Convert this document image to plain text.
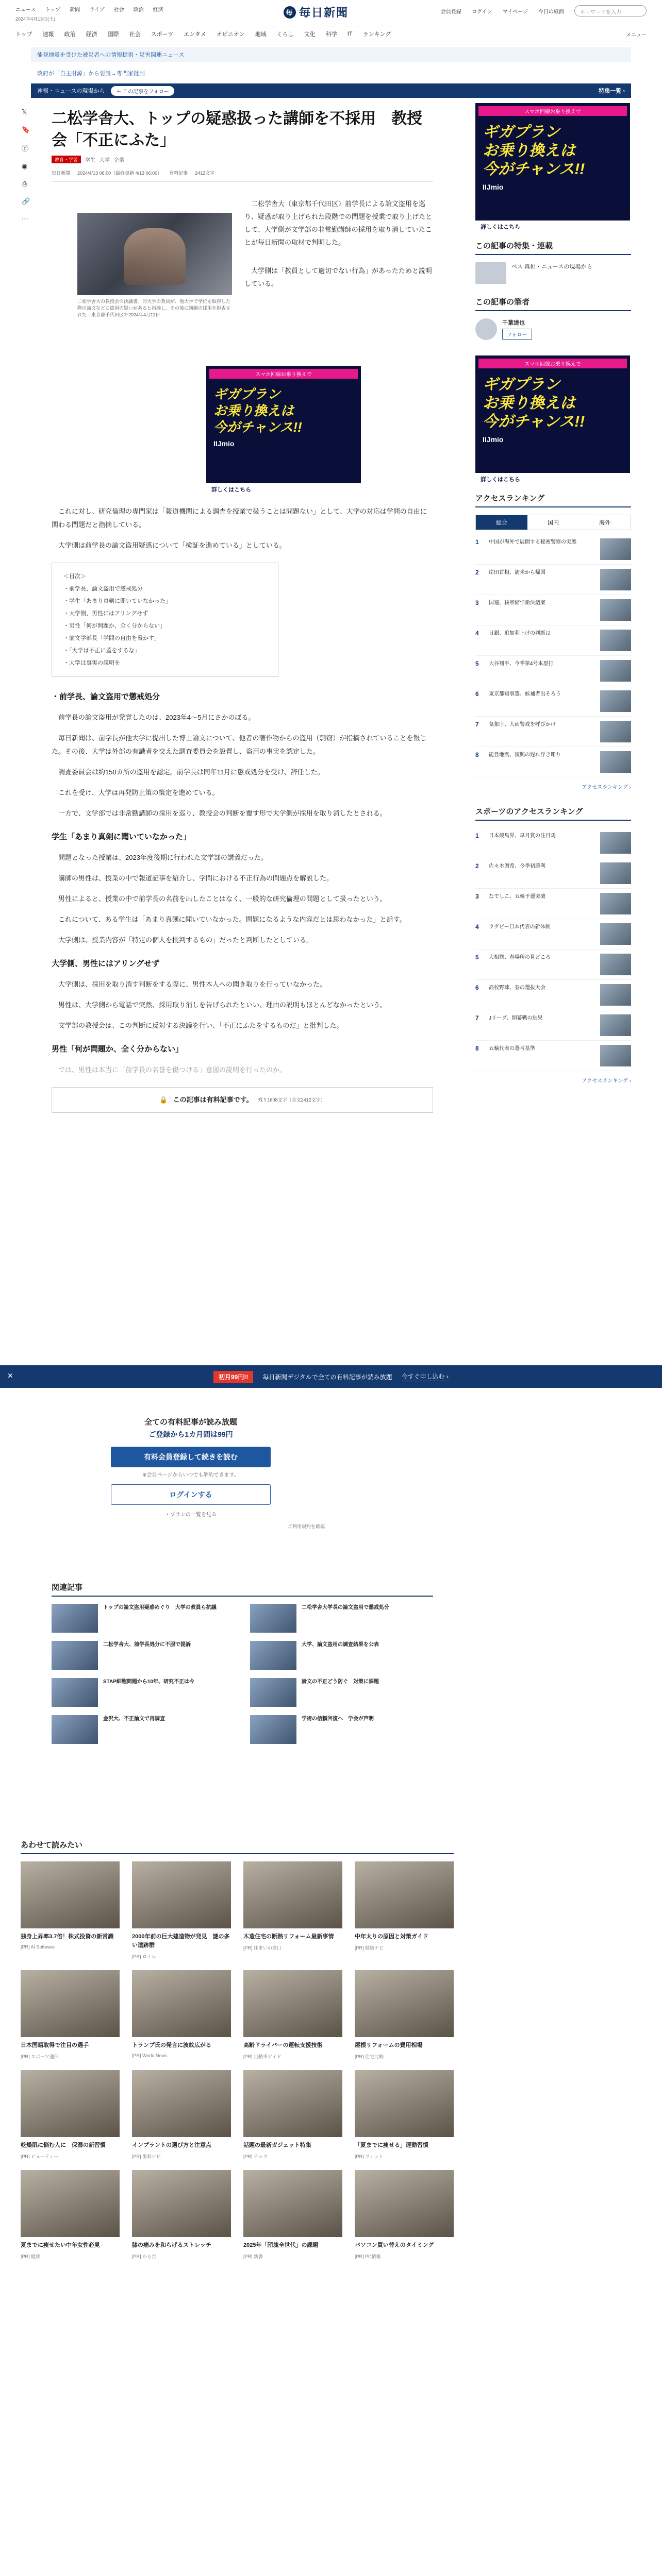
ニュース トップ 新聞 ライブ 社会 政治 経済
2024年4月13日(土)
毎 毎日新聞	会員登録 ログイン マイページ 今日の紙面	キーワードを入力
トップ 速報 政治 経済 国際 社会 スポーツ エンタメ オピニオン 地域 くらし 文化 科学 IT ランキング	メニュー
能登地震を受けた被災者への情報提供・災害関連ニュース
政府が「自主財源」から要請→専門家批判
速報・ニュースの現場から	＋ この記事をフォロー	特集一覧 ›
𝕏
🔖
ⓕ
◉
⎙
🔗
⋯
二松学舎大、トップの疑惑扱った講師を不採用　教授会「不正にふた」
教育・学習	学生 大学 企業
毎日新聞 2024/4/13 06:00（最終更新 4/13 06:00） 有料記事 2412文字
二松学舎大の教授会の決議書。同大学の教員が、他大学で学位を取得した際の論文などに盗用の疑いがあると指摘し、その後に講師の採用を拒否された＝東京都千代田区で2024年4月11日

二松学舎大（東京都千代田区）前学長による論文盗用を巡り、疑惑が取り上げられた段階での問題を授業で取り上げたとして、大学側が文学部の非常勤講師の採用を取り消していたことが毎日新聞の取材で判明した。

大学側は「教員として適切でない行為」があったためと説明している。

スマホ回線お乗り換えで
ギガプラン
お乗り換えは
今がチャンス!!
IIJmio
詳しくはこちら

これに対し、研究倫理の専門家は「報道機関による調査を授業で扱うことは問題ない」として、大学の対応は学問の自由に関わる問題だと指摘している。

大学側は前学長の論文盗用疑惑について「検証を進めている」としている。

＜目次＞
・前学長、論文盗用で懲戒処分
・学生「あまり真剣に聞いていなかった」
・大学側、男性にはアリングせず
・男性「何が問題か、全く分からない」
・前文学部長「学問の自由を脅かす」
・「大学は不正に蓋をするな」
・大学は事実の説明を
・前学長、論文盗用で懲戒処分

前学長の論文盗用が発覚したのは、2023年4～5月にさかのぼる。

毎日新聞は、前学長が他大学に提出した博士論文について、他者の著作物からの盗用（剽窃）が指摘されていることを報じた。その後、大学は外部の有識者を交えた調査委員会を設置し、盗用の事実を認定した。

調査委員会は約150カ所の盗用を認定。前学長は同年11月に懲戒処分を受け、辞任した。

これを受け、大学は再発防止策の策定を進めている。

一方で、文学部では非常勤講師の採用を巡り、教授会の判断を覆す形で大学側が採用を取り消したとされる。

学生「あまり真剣に聞いていなかった」

問題となった授業は、2023年度後期に行われた文学部の講義だった。

講師の男性は、授業の中で報道記事を紹介し、学問における不正行為の問題点を解説した。

男性によると、授業の中で前学長の名前を出したことはなく、一般的な研究倫理の問題として扱ったという。

これについて、ある学生は「あまり真剣に聞いていなかった。問題になるような内容だとは思わなかった」と話す。

大学側は、授業内容が「特定の個人を批判するもの」だったと判断したとしている。

大学側、男性にはアリングせず

大学側は、採用を取り消す判断をする際に、男性本人への聞き取りを行っていなかった。

男性は、大学側から電話で突然、採用取り消しを告げられたといい、理由の説明もほとんどなかったという。

文学部の教授会は、この判断に反対する決議を行い、「不正にふたをするものだ」と批判した。

男性「何が問題か、全く分からない」

では、男性は本当に「前学長の名誉を傷つける」意図の説明を行ったのか。

🔒 この記事は有料記事です。 残り1608文字（全文2412文字）
全ての有料記事が読み放題
ご登録から1カ月間は99円
有料会員登録して続きを読む
※会員ページからいつでも解約できます。
ログインする
・プランの一覧を見る
ご利用規約を確認
✕	初月99円!!	毎日新聞デジタルで全ての有料記事が読み放題 今すぐ申し込む ›
関連記事
トップの論文盗用疑惑めぐり　大学の教員ら抗議	二松学舎大学長の論文盗用で懲戒処分
二松学舎大、前学長処分に不服で提訴	大学、論文盗用の調査結果を公表
STAP細胞問題から10年、研究不正は今	論文の不正どう防ぐ　対策に課題
金沢大、不正論文で再調査	学術の信頼回復へ　学会が声明
あわせて読みたい
独身上昇率3.7倍！株式投資の新常識
[PR] AI Software
2000年前の巨大建造物が発見　謎の多い遺跡群
[PR] ロナル
木造住宅の断熱リフォーム最新事情
[PR] 住まいの窓口
中年太りの原因と対策ガイド
[PR] 健康ナビ
日本国籍取得で注目の選手
[PR] スポーツ通信
トランプ氏の発言に波紋広がる
[PR] World News
高齢ドライバーの運転支援技術
[PR] 自動車ガイド
屋根リフォームの費用相場
[PR] 住宅比較
乾燥肌に悩む人に　保湿の新習慣
[PR] ビューティー
インプラントの選び方と注意点
[PR] 歯科ナビ
話題の最新ガジェット特集
[PR] テック
「夏までに痩せる」運動習慣
[PR] フィット
夏までに痩せたい中年女性必見
[PR] 健康
膝の痛みを和らげるストレッチ
[PR] からだ
2025年「団塊全世代」の課題
[PR] 新書
パソコン買い替えのタイミング
[PR] PC情報
スマホ回線お乗り換えで
ギガプラン
お乗り換えは
今がチャンス!!
IIJmio
詳しくはこちら
この記事の特集・連載
ベス 真相・ニュースの現場から
この記事の筆者
千葉達也
フォロー
スマホ回線お乗り換えで
ギガプラン
お乗り換えは
今がチャンス!!
IIJmio
詳しくはこちら
アクセスランキング
総合	国内	海外
1	中国が海外で展開する秘密警察の実態
2	岸田首相、訪米から帰国
3	国連、核軍縮で新決議案
4	日銀、追加利上げの判断は
5	大谷翔平、今季第4号本塁打
6	東京都知事選、候補者出そろう
7	気象庁、大雨警戒を呼びかけ
8	能登地震、復興の遅れ浮き彫り
アクセスランキング ›
スポーツのアクセスランキング
1	日本競馬界、皐月賞の注目馬
2	佐々木朗希、今季初勝利
3	なでしこ、五輪予選突破
4	ラグビー日本代表の新体制
5	大相撲、春場所の見どころ
6	高校野球、春の選抜大会
7	Jリーグ、開幕戦の結果
8	五輪代表の選考基準
アクセスランキング ›
